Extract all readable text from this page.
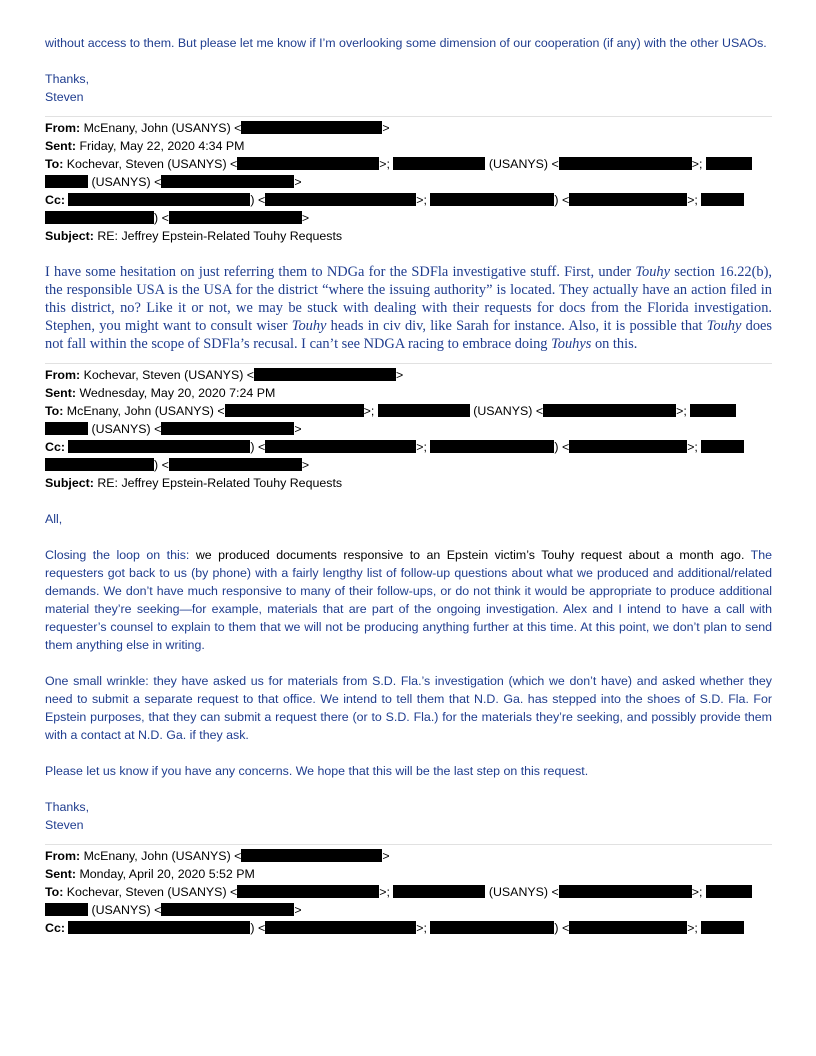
without access to them. But please let me know if I’m overlooking some dimension of our cooperation (if any) with the other USAOs.

Thanks,

Steven

From: McEnany, John (USANYS) <	>
Sent: Friday, May 22, 2020 4:34 PM
To: Kochevar, Steven (USANYS) <	>;	(USANYS) <	>;
(USANYS) <	>
Cc:	) <	>;	) <	>;
) <	>
Subject: RE: Jeffrey Epstein-Related Touhy Requests

I have some hesitation on just referring them to NDGa for the SDFla investigative stuff. First, under Touhy section 16.22(b), the responsible USA is the USA for the district “where the issuing authority” is located. They actually have an action filed in this district, no? Like it or not, we may be stuck with dealing with their requests for docs from the Florida investigation. Stephen, you might want to consult wiser Touhy heads in civ div, like Sarah for instance. Also, it is possible that Touhy does not fall within the scope of SDFla’s recusal. I can’t see NDGA racing to embrace doing Touhys on this.

From: Kochevar, Steven (USANYS) <	>
Sent: Wednesday, May 20, 2020 7:24 PM
To: McEnany, John (USANYS) <	>;	(USANYS) <	>;
(USANYS) <	>
Cc:	) <	>;	) <	>;
) <	>
Subject: RE: Jeffrey Epstein-Related Touhy Requests

All,

Closing the loop on this: we produced documents responsive to an Epstein victim’s Touhy request about a month ago. The requesters got back to us (by phone) with a fairly lengthy list of follow-up questions about what we produced and additional/related demands. We don’t have much responsive to many of their follow-ups, or do not think it would be appropriate to produce additional material they’re seeking—for example, materials that are part of the ongoing investigation. Alex and I intend to have a call with requester’s counsel to explain to them that we will not be producing anything further at this time. At this point, we don’t plan to send them anything else in writing.

One small wrinkle: they have asked us for materials from S.D. Fla.’s investigation (which we don’t have) and asked whether they need to submit a separate request to that office. We intend to tell them that N.D. Ga. has stepped into the shoes of S.D. Fla. For Epstein purposes, that they can submit a request there (or to S.D. Fla.) for the materials they’re seeking, and possibly provide them with a contact at N.D. Ga. if they ask.

Please let us know if you have any concerns. We hope that this will be the last step on this request.

Thanks,

Steven

From: McEnany, John (USANYS) <	>
Sent: Monday, April 20, 2020 5:52 PM
To: Kochevar, Steven (USANYS) <	>;	(USANYS) <	>;
(USANYS) <	>
Cc:	) <	>;	) <	>;
